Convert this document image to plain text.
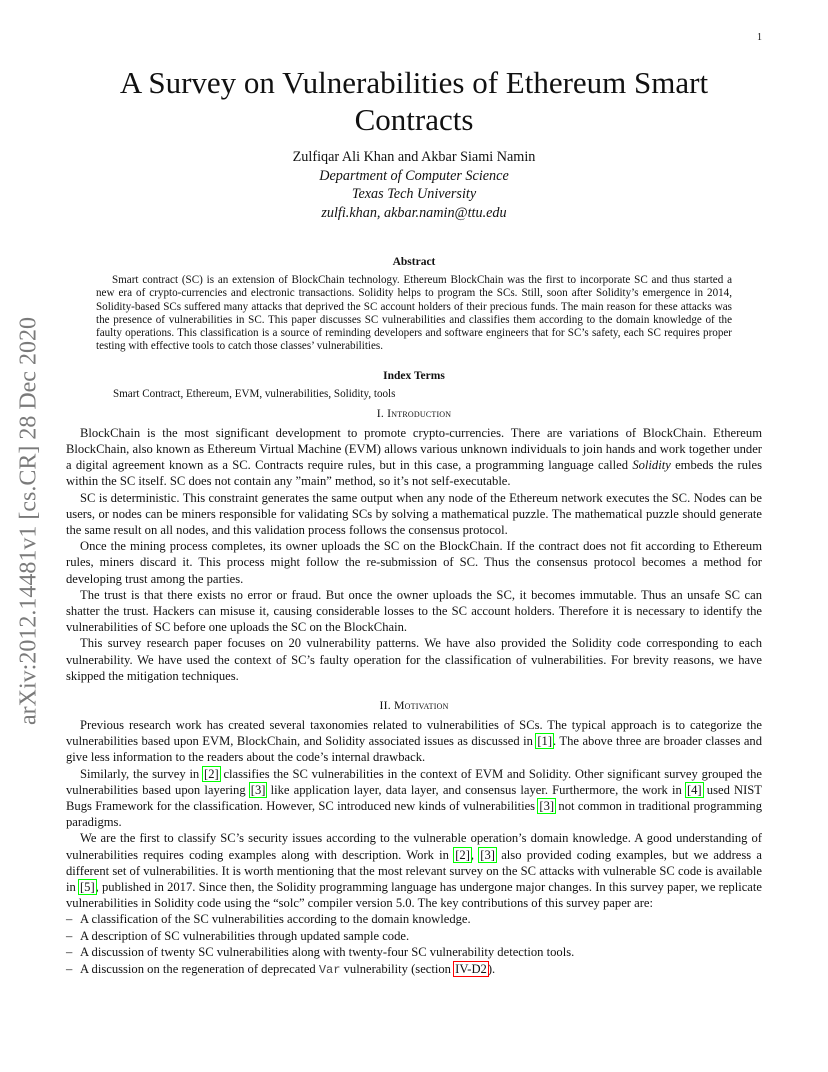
1
arXiv:2012.14481v1 [cs.CR] 28 Dec 2020
A Survey on Vulnerabilities of Ethereum Smart Contracts
Zulfiqar Ali Khan and Akbar Siami Namin
Department of Computer Science
Texas Tech University
zulfi.khan, akbar.namin@ttu.edu
Abstract
Smart contract (SC) is an extension of BlockChain technology. Ethereum BlockChain was the first to incorporate SC and thus started a new era of crypto-currencies and electronic transactions. Solidity helps to program the SCs. Still, soon after Solidity’s emergence in 2014, Solidity-based SCs suffered many attacks that deprived the SC account holders of their precious funds. The main reason for these attacks was the presence of vulnerabilities in SC. This paper discusses SC vulnerabilities and classifies them according to the domain knowledge of the faulty operations. This classification is a source of reminding developers and software engineers that for SC’s safety, each SC requires proper testing with effective tools to catch those classes’ vulnerabilities.
Index Terms
Smart Contract, Ethereum, EVM, vulnerabilities, Solidity, tools
I. Introduction

BlockChain is the most significant development to promote crypto-currencies. There are variations of BlockChain. Ethereum BlockChain, also known as Ethereum Virtual Machine (EVM) allows various unknown individuals to join hands and work together under a digital agreement known as a SC. Contracts require rules, but in this case, a programming language called Solidity embeds the rules within the SC itself. SC does not contain any ”main” method, so it’s not self-executable.

SC is deterministic. This constraint generates the same output when any node of the Ethereum network executes the SC. Nodes can be users, or nodes can be miners responsible for validating SCs by solving a mathematical puzzle. The mathematical puzzle should generate the same result on all nodes, and this validation process follows the consensus protocol.

Once the mining process completes, its owner uploads the SC on the BlockChain. If the contract does not fit according to Ethereum rules, miners discard it. This process might follow the re-submission of SC. Thus the consensus protocol becomes a method for developing trust among the parties.

The trust is that there exists no error or fraud. But once the owner uploads the SC, it becomes immutable. Thus an unsafe SC can shatter the trust. Hackers can misuse it, causing considerable losses to the SC account holders. Therefore it is necessary to identify the vulnerabilities of SC before one uploads the SC on the BlockChain.

This survey research paper focuses on 20 vulnerability patterns. We have also provided the Solidity code corresponding to each vulnerability. We have used the context of SC’s faulty operation for the classification of vulnerabilities. For brevity reasons, we have skipped the mitigation techniques.

II. Motivation

Previous research work has created several taxonomies related to vulnerabilities of SCs. The typical approach is to categorize the vulnerabilities based upon EVM, BlockChain, and Solidity associated issues as discussed in [1]. The above three are broader classes and give less information to the readers about the code’s internal drawback.

Similarly, the survey in [2] classifies the SC vulnerabilities in the context of EVM and Solidity. Other significant survey grouped the vulnerabilities based upon layering [3] like application layer, data layer, and consensus layer. Furthermore, the work in [4] used NIST Bugs Framework for the classification. However, SC introduced new kinds of vulnerabilities [3] not common in traditional programming paradigms.

We are the first to classify SC’s security issues according to the vulnerable operation’s domain knowledge. A good understanding of vulnerabilities requires coding examples along with description. Work in [2], [3] also provided coding examples, but we address a different set of vulnerabilities. It is worth mentioning that the most relevant survey on the SC attacks with vulnerable SC code is available in [5], published in 2017. Since then, the Solidity programming language has undergone major changes. In this survey paper, we replicate vulnerabilities in Solidity code using the “solc” compiler version 5.0. The key contributions of this survey paper are:

– A classification of the SC vulnerabilities according to the domain knowledge.
– A description of SC vulnerabilities through updated sample code.
– A discussion of twenty SC vulnerabilities along with twenty-four SC vulnerability detection tools.
– A discussion on the regeneration of deprecated Var vulnerability (section IV-D2).
